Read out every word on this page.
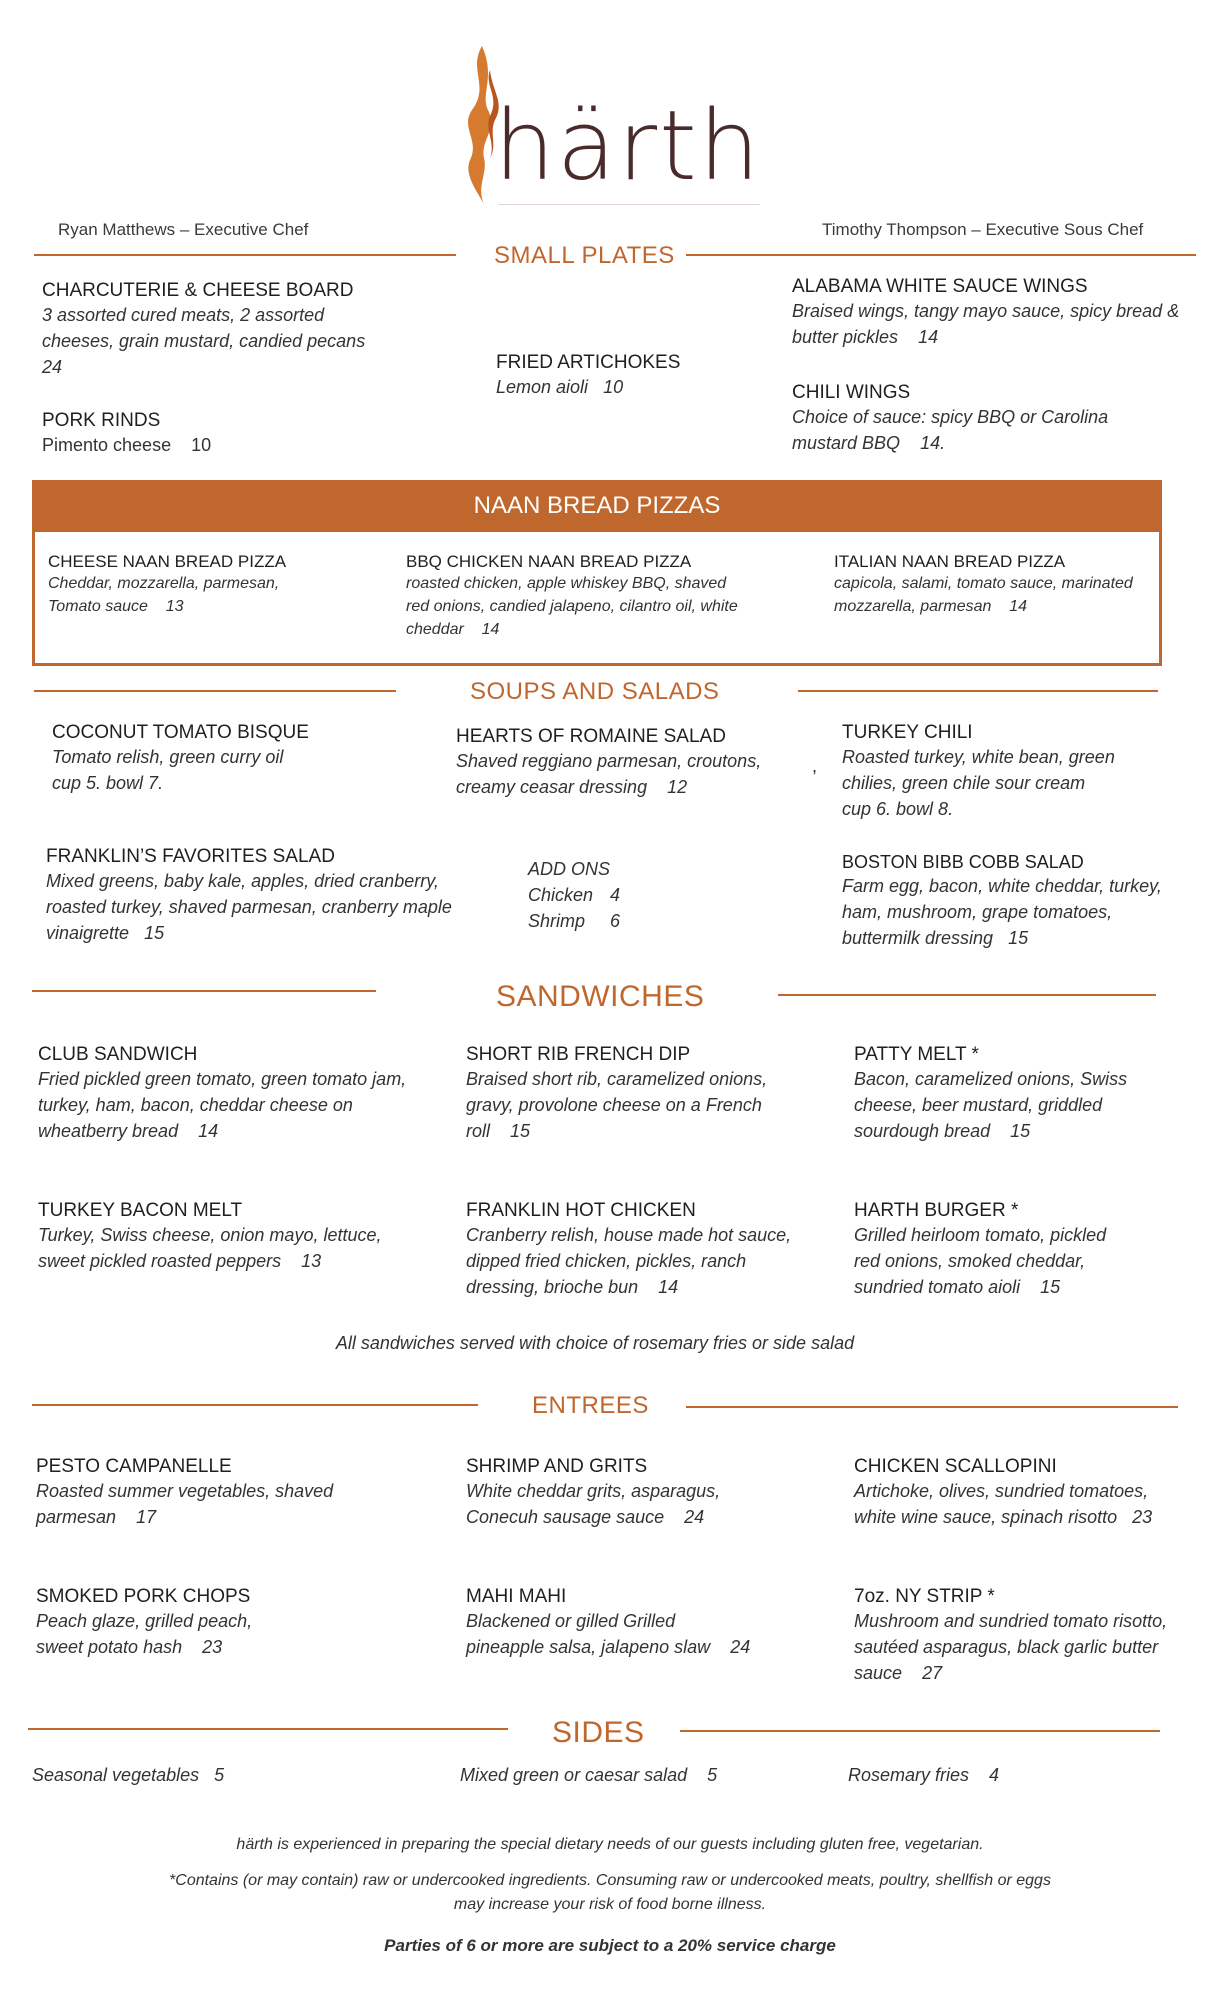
härth
Ryan Matthews – Executive Chef	Timothy Thompson – Executive Sous Chef
SMALL PLATES
CHARCUTERIE & CHEESE BOARD
3 assorted cured meats, 2 assorted cheeses, grain mustard, candied pecans
24
PORK RINDS
Pimento cheese 10
FRIED ARTICHOKES
Lemon aioli 10
ALABAMA WHITE SAUCE WINGS
Braised wings, tangy mayo sauce, spicy bread & butter pickles 14
CHILI WINGS
Choice of sauce: spicy BBQ or Carolina mustard BBQ 14.
NAAN BREAD PIZZAS
CHEESE NAAN BREAD PIZZA
Cheddar, mozzarella, parmesan, Tomato sauce 13
BBQ CHICKEN NAAN BREAD PIZZA
roasted chicken, apple whiskey BBQ, shaved red onions, candied jalapeno, cilantro oil, white cheddar 14
ITALIAN NAAN BREAD PIZZA
capicola, salami, tomato sauce, marinated mozzarella, parmesan 14
SOUPS AND SALADS
COCONUT TOMATO BISQUE
Tomato relish, green curry oil
cup 5. bowl 7.
HEARTS OF ROMAINE SALAD
Shaved reggiano parmesan, croutons, creamy ceasar dressing 12
,
TURKEY CHILI
Roasted turkey, white bean, green chilies, green chile sour cream
cup 6. bowl 8.
FRANKLIN’S FAVORITES SALAD
Mixed greens, baby kale, apples, dried cranberry, roasted turkey, shaved parmesan, cranberry maple vinaigrette 15
ADD ONS
Chicken 4
Shrimp 6
BOSTON BIBB COBB SALAD
Farm egg, bacon, white cheddar, turkey, ham, mushroom, grape tomatoes, buttermilk dressing 15
SANDWICHES
CLUB SANDWICH
Fried pickled green tomato, green tomato jam, turkey, ham, bacon, cheddar cheese on wheatberry bread 14
SHORT RIB FRENCH DIP
Braised short rib, caramelized onions, gravy, provolone cheese on a French roll 15
PATTY MELT *
Bacon, caramelized onions, Swiss cheese, beer mustard, griddled sourdough bread 15
TURKEY BACON MELT
Turkey, Swiss cheese, onion mayo, lettuce, sweet pickled roasted peppers 13
FRANKLIN HOT CHICKEN
Cranberry relish, house made hot sauce, dipped fried chicken, pickles, ranch dressing, brioche bun 14
HARTH BURGER *
Grilled heirloom tomato, pickled red onions, smoked cheddar, sundried tomato aioli 15
All sandwiches served with choice of rosemary fries or side salad
ENTREES
PESTO CAMPANELLE
Roasted summer vegetables, shaved parmesan 17
SHRIMP AND GRITS
White cheddar grits, asparagus, Conecuh sausage sauce 24
CHICKEN SCALLOPINI
Artichoke, olives, sundried tomatoes, white wine sauce, spinach risotto 23
SMOKED PORK CHOPS
Peach glaze, grilled peach, sweet potato hash 23
MAHI MAHI
Blackened or gilled Grilled pineapple salsa, jalapeno slaw 24
7oz. NY STRIP *
Mushroom and sundried tomato risotto, sautéed asparagus, black garlic butter sauce 27
SIDES
Seasonal vegetables 5	Mixed green or caesar salad 5	Rosemary fries 4
härth is experienced in preparing the special dietary needs of our guests including gluten free, vegetarian.
*Contains (or may contain) raw or undercooked ingredients. Consuming raw or undercooked meats, poultry, shellfish or eggs
may increase your risk of food borne illness.
Parties of 6 or more are subject to a 20% service charge
